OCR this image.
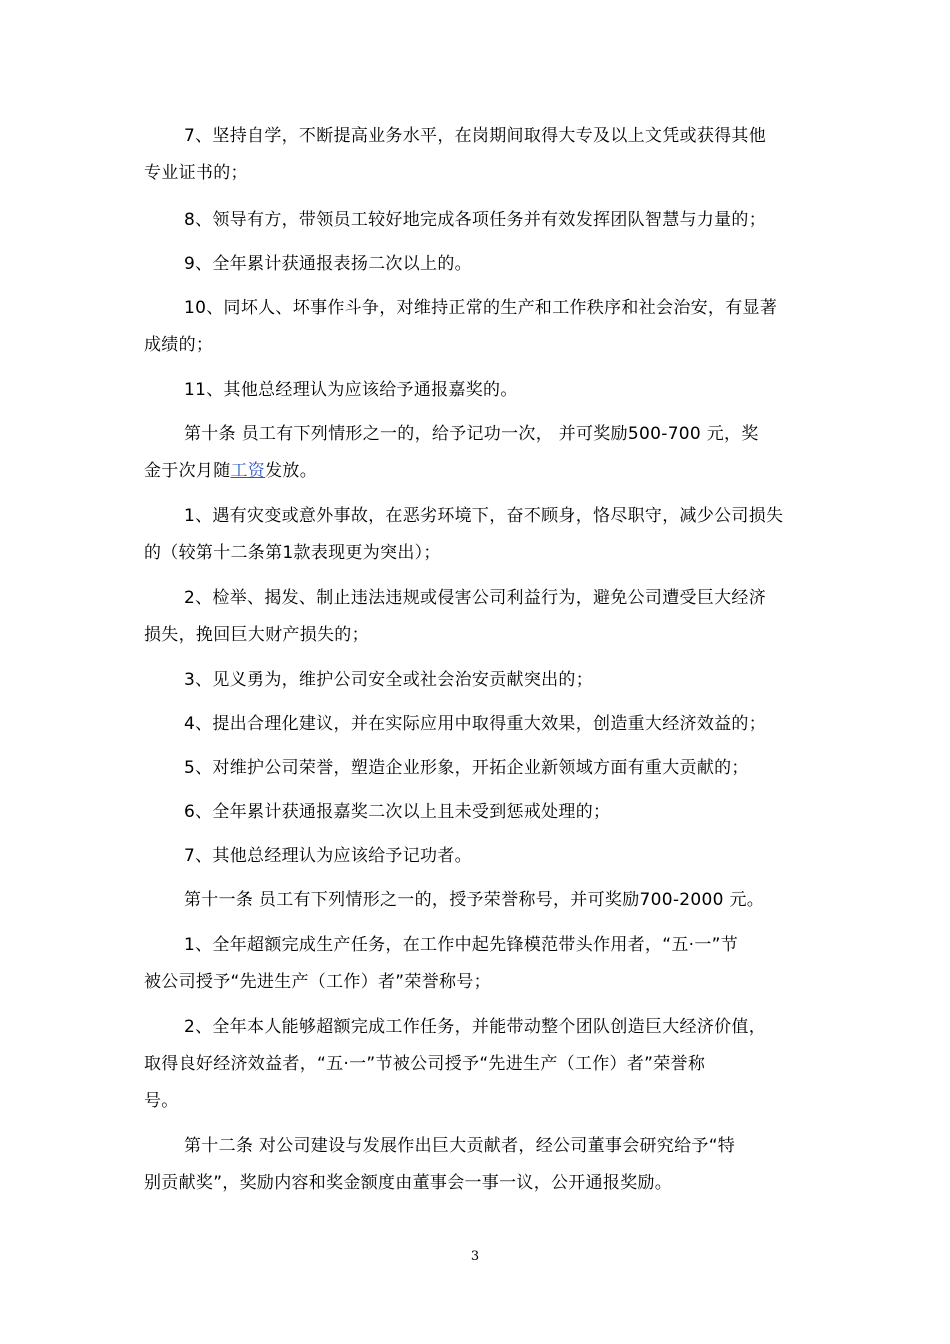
7、坚持自学，不断提高业务水平，在岗期间取得大专及以上文凭或获得其他
专业证书的；
8、领导有方，带领员工较好地完成各项任务并有效发挥团队智慧与力量的；
9、全年累计获通报表扬二次以上的。
10、同坏人、坏事作斗争，对维持正常的生产和工作秩序和社会治安，有显著
成绩的；
11、其他总经理认为应该给予通报嘉奖的。
第十条 员工有下列情形之一的，给予记功一次， 并可奖励500-700 元，奖
金于次月随工资发放。
1、遇有灾变或意外事故，在恶劣环境下，奋不顾身，恪尽职守，减少公司损失
的（较第十二条第1款表现更为突出）；
2、检举、揭发、制止违法违规或侵害公司利益行为，避免公司遭受巨大经济
损失，挽回巨大财产损失的；
3、见义勇为，维护公司安全或社会治安贡献突出的；
4、提出合理化建议，并在实际应用中取得重大效果，创造重大经济效益的；
5、对维护公司荣誉，塑造企业形象，开拓企业新领域方面有重大贡献的；
6、全年累计获通报嘉奖二次以上且未受到惩戒处理的；
7、其他总经理认为应该给予记功者。
第十一条 员工有下列情形之一的，授予荣誉称号，并可奖励700-2000 元。
1、全年超额完成生产任务，在工作中起先锋模范带头作用者，“五·一”节
被公司授予“先进生产（工作）者”荣誉称号；
2、全年本人能够超额完成工作任务，并能带动整个团队创造巨大经济价值，
取得良好经济效益者，“五·一”节被公司授予“先进生产（工作）者”荣誉称
号。
第十二条 对公司建设与发展作出巨大贡献者，经公司董事会研究给予“特
别贡献奖”，奖励内容和奖金额度由董事会一事一议，公开通报奖励。
3
